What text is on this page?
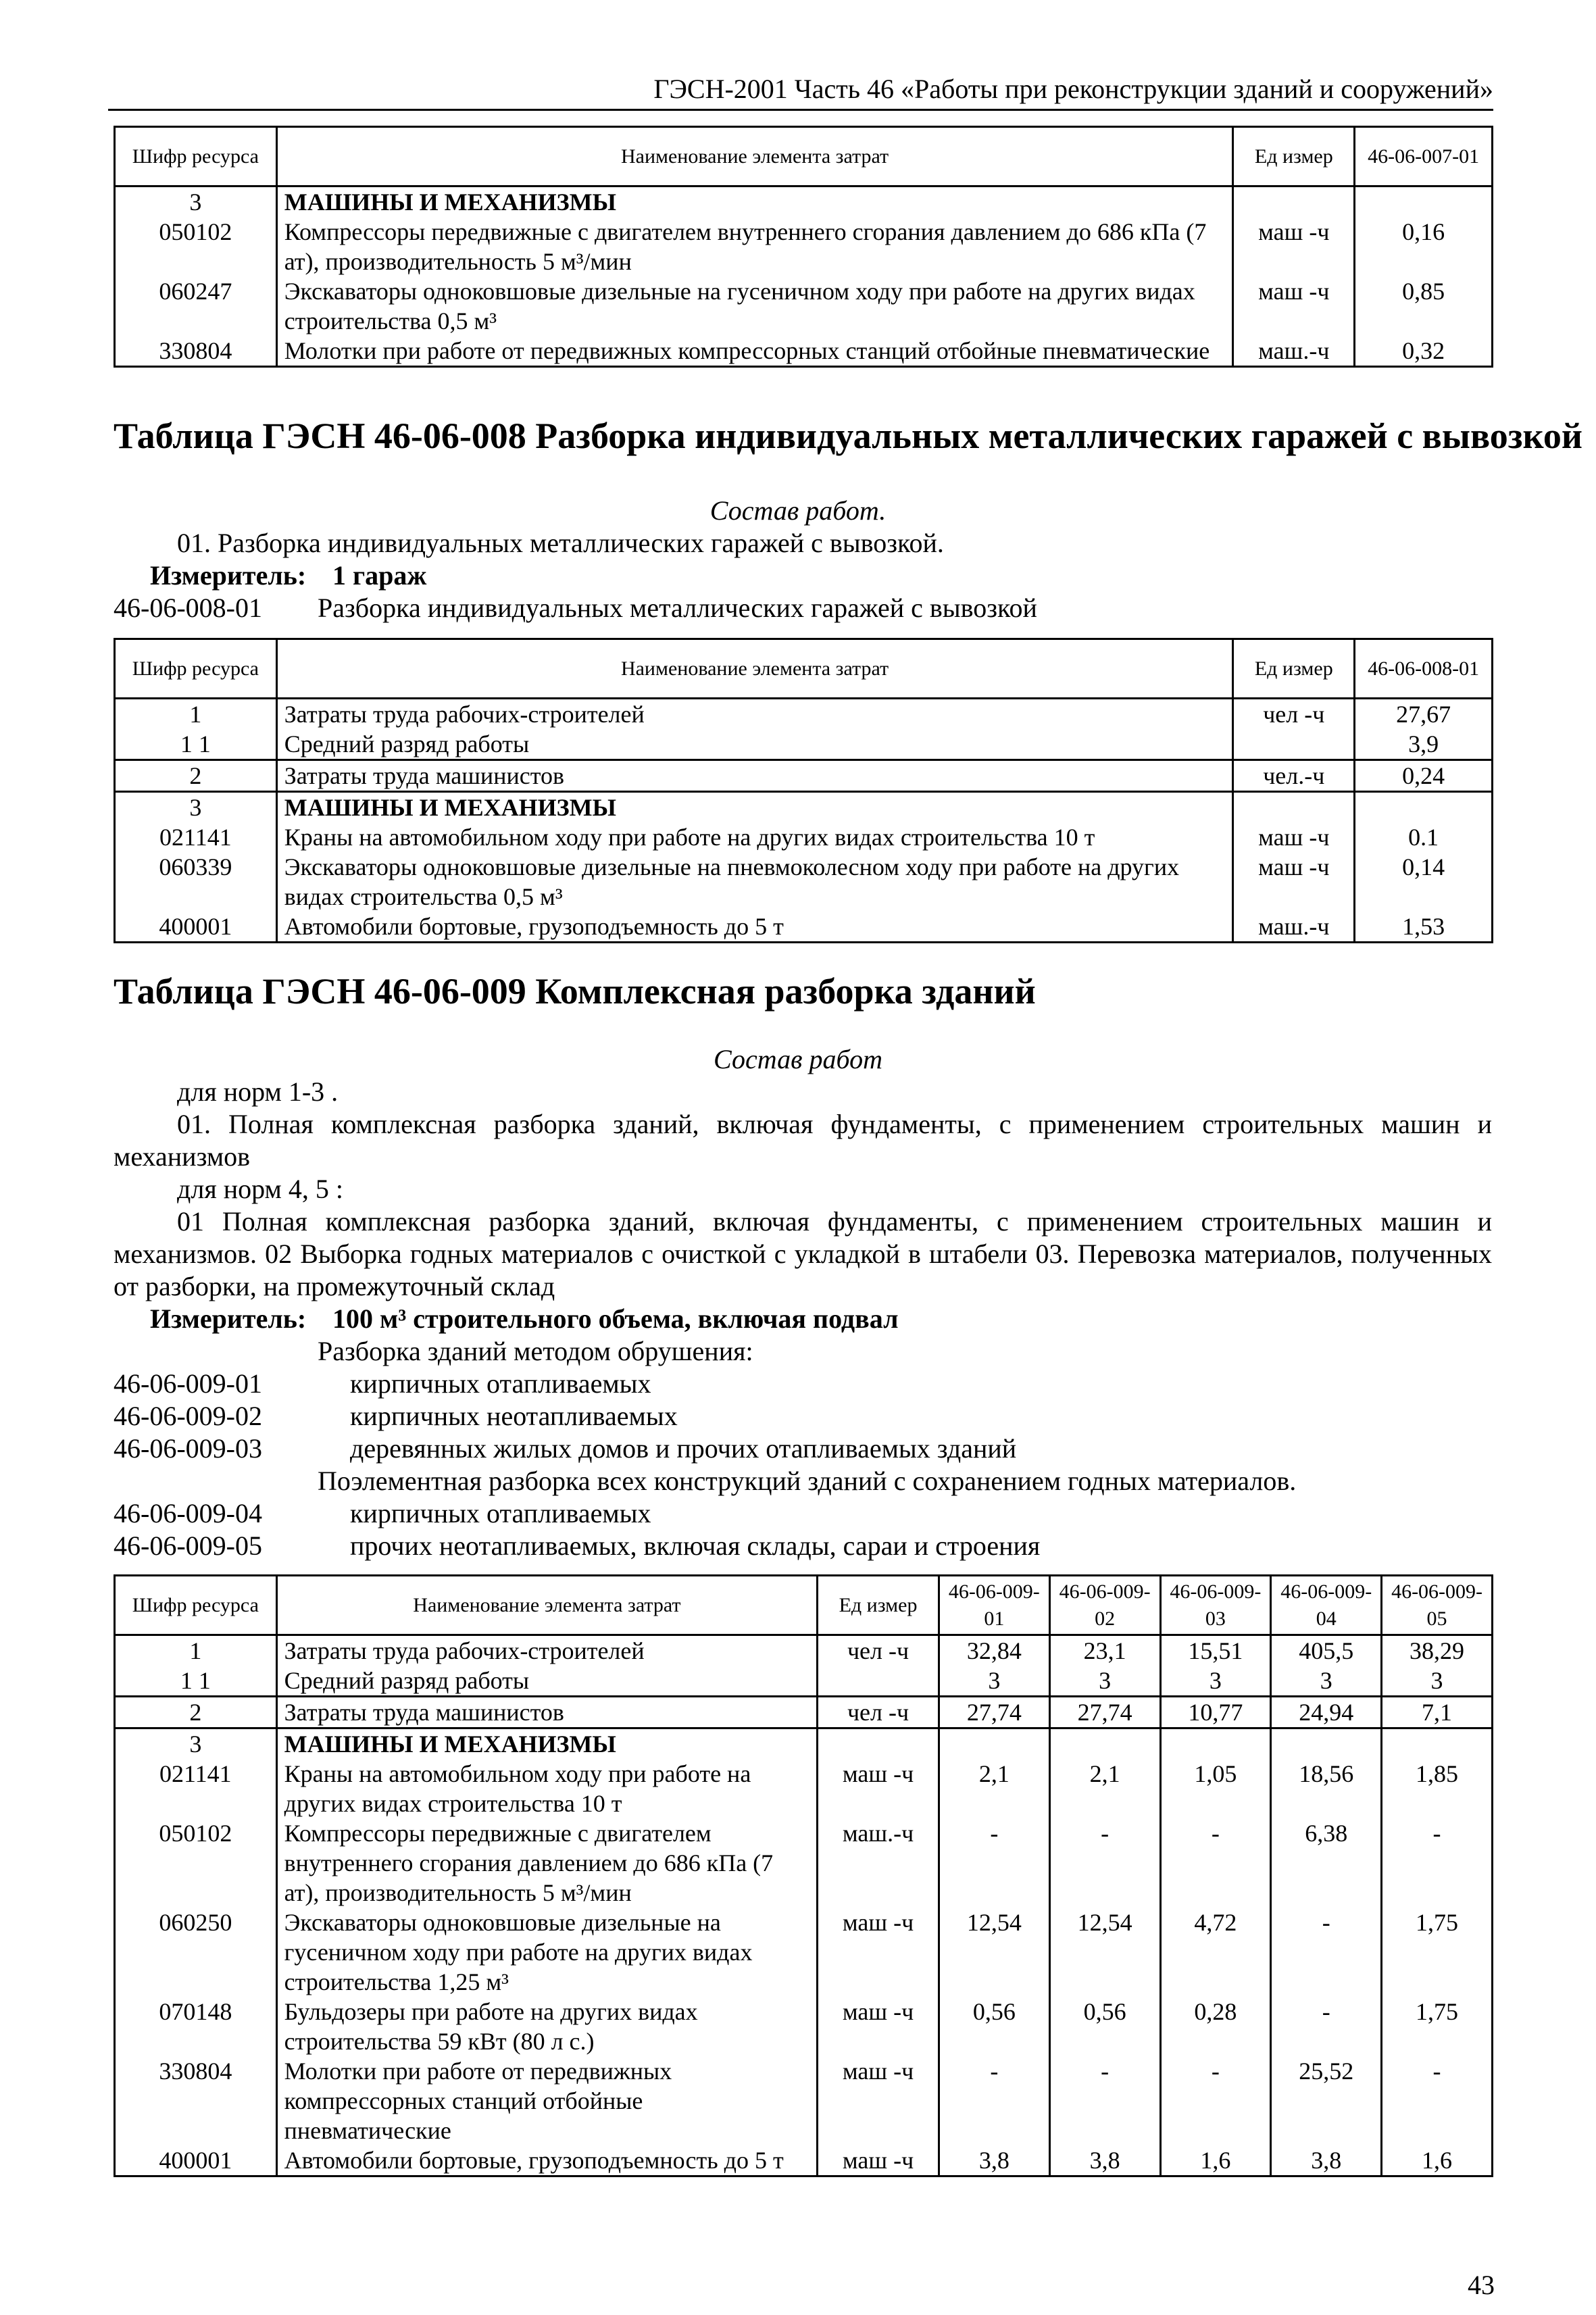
ГЭСН-2001 Часть 46 «Работы при реконструкции зданий и сооружений»
Шифр ресурса	Наименование элемента затрат	Ед измер	46-06-007-01
3	МАШИНЫ И МЕХАНИЗМЫ		
050102	Компрессоры передвижные с двигателем внутреннего сгорания давлением до 686 кПа (7 ат), производительность 5 м³/мин	маш -ч	0,16
060247	Экскаваторы одноковшовые дизельные на гусеничном ходу при работе на других видах строительства 0,5 м³	маш -ч	0,85
330804	Молотки при работе от передвижных компрессорных станций отбойные пневматические	маш.-ч	0,32
Таблица ГЭСН 46-06-008 Разборка индивидуальных металлических гаражей с вывозкой
Состав работ.
01. Разборка индивидуальных металлических гаражей с вывозкой.
Измеритель: 1 гараж
46-06-008-01 Разборка индивидуальных металлических гаражей с вывозкой
Шифр ресурса	Наименование элемента затрат	Ед измер	46-06-008-01
1	Затраты труда рабочих-строителей	чел -ч	27,67
1 1	Средний разряд работы		3,9
2	Затраты труда машинистов	чел.-ч	0,24
3	МАШИНЫ И МЕХАНИЗМЫ		
021141	Краны на автомобильном ходу при работе на других видах строительства 10 т	маш -ч	0.1
060339	Экскаваторы одноковшовые дизельные на пневмоколесном ходу при работе на других видах строительства 0,5 м³	маш -ч	0,14
400001	Автомобили бортовые, грузоподъемность до 5 т	маш.-ч	1,53
Таблица ГЭСН 46-06-009 Комплексная разборка зданий
Состав работ
для норм 1-3 .
01. Полная комплексная разборка зданий, включая фундаменты, с применением строительных машин и механизмов
для норм 4, 5 :
01 Полная комплексная разборка зданий, включая фундаменты, с применением строительных машин и механизмов. 02 Выборка годных материалов с очисткой с укладкой в штабели 03. Перевозка материалов, полученных от разборки, на промежуточный склад
Измеритель: 100 м³ строительного объема, включая подвал
Разборка зданий методом обрушения:
46-06-009-01	кирпичных отапливаемых
46-06-009-02	кирпичных неотапливаемых
46-06-009-03	деревянных жилых домов и прочих отапливаемых зданий
Поэлементная разборка всех конструкций зданий с сохранением годных материалов.
46-06-009-04	кирпичных отапливаемых
46-06-009-05	прочих неотапливаемых, включая склады, сараи и строения
Шифр ресурса	Наименование элемента затрат	Ед измер	46-06-009-01	46-06-009-02	46-06-009-03	46-06-009-04	46-06-009-05
1	Затраты труда рабочих-строителей	чел -ч	32,84	23,1	15,51	405,5	38,29
1 1	Средний разряд работы		3	3	3	3	3
2	Затраты труда машинистов	чел -ч	27,74	27,74	10,77	24,94	7,1
3	МАШИНЫ И МЕХАНИЗМЫ						
021141	Краны на автомобильном ходу при работе на других видах строительства 10 т	маш -ч	2,1	2,1	1,05	18,56	1,85
050102	Компрессоры передвижные с двигателем внутреннего сгорания давлением до 686 кПа (7 ат), производительность 5 м³/мин	маш.-ч	-	-	-	6,38	-
060250	Экскаваторы одноковшовые дизельные на гусеничном ходу при работе на других видах строительства 1,25 м³	маш -ч	12,54	12,54	4,72	-	1,75
070148	Бульдозеры при работе на других видах строительства 59 кВт (80 л с.)	маш -ч	0,56	0,56	0,28	-	1,75
330804	Молотки при работе от передвижных компрессорных станций отбойные пневматические	маш -ч	-	-	-	25,52	-
400001	Автомобили бортовые, грузоподъемность до 5 т	маш -ч	3,8	3,8	1,6	3,8	1,6
43
